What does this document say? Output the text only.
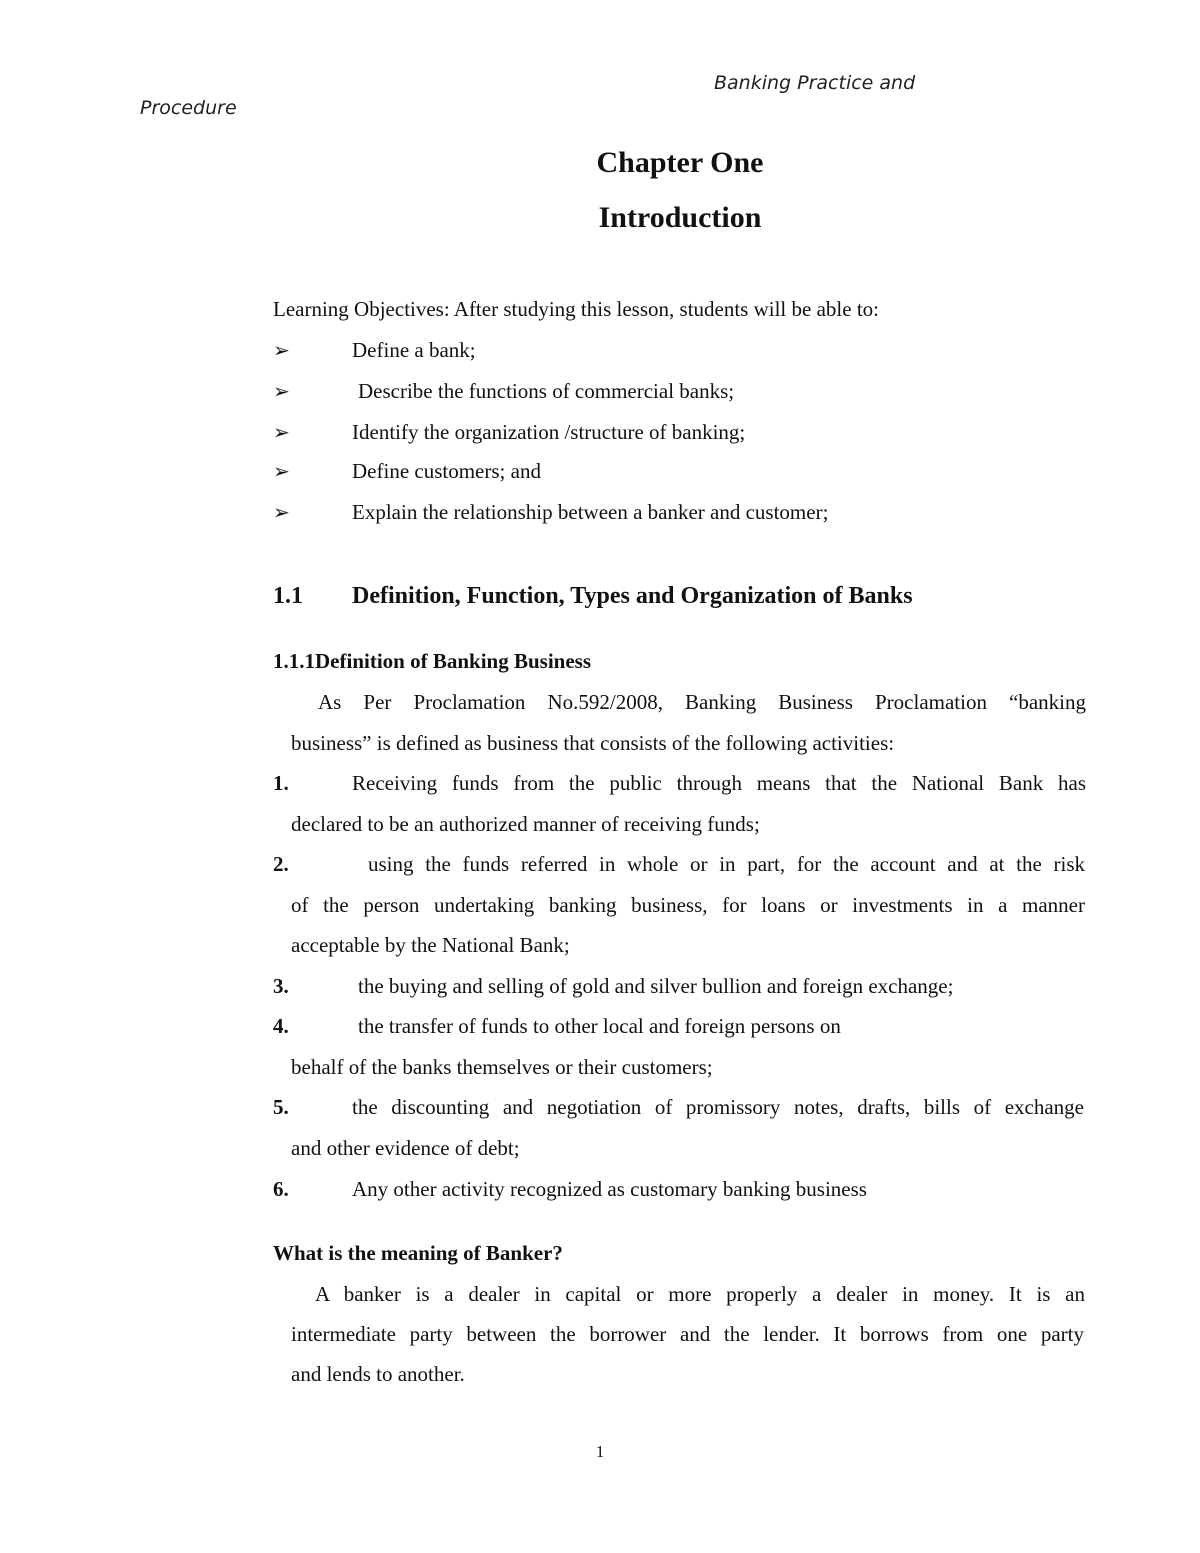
Banking Practice and
Procedure
Chapter One
Introduction
Learning Objectives: After studying this lesson, students will be able to:
➢	Define a bank;
➢	Describe the functions of commercial banks;
➢	Identify the organization /structure of banking;
➢	Define customers; and
➢	Explain the relationship between a banker and customer;
1.1 Definition, Function, Types and Organization of Banks
1.1.1Definition of Banking Business
As Per Proclamation No.592/2008, Banking Business Proclamation “banking
business” is defined as business that consists of the following activities:
1.	Receiving funds from the public through means that the National Bank has
declared to be an authorized manner of receiving funds;
2.	using the funds referred in whole or in part, for the account and at the risk
of the person undertaking banking business, for loans or investments in a manner
acceptable by the National Bank;
3.	the buying and selling of gold and silver bullion and foreign exchange;
4.	the transfer of funds to other local and foreign persons on
behalf of the banks themselves or their customers;
5.	the discounting and negotiation of promissory notes, drafts, bills of exchange
and other evidence of debt;
6.	Any other activity recognized as customary banking business
What is the meaning of Banker?
A banker is a dealer in capital or more properly a dealer in money. It is an
intermediate party between the borrower and the lender. It borrows from one party
and lends to another.
1
